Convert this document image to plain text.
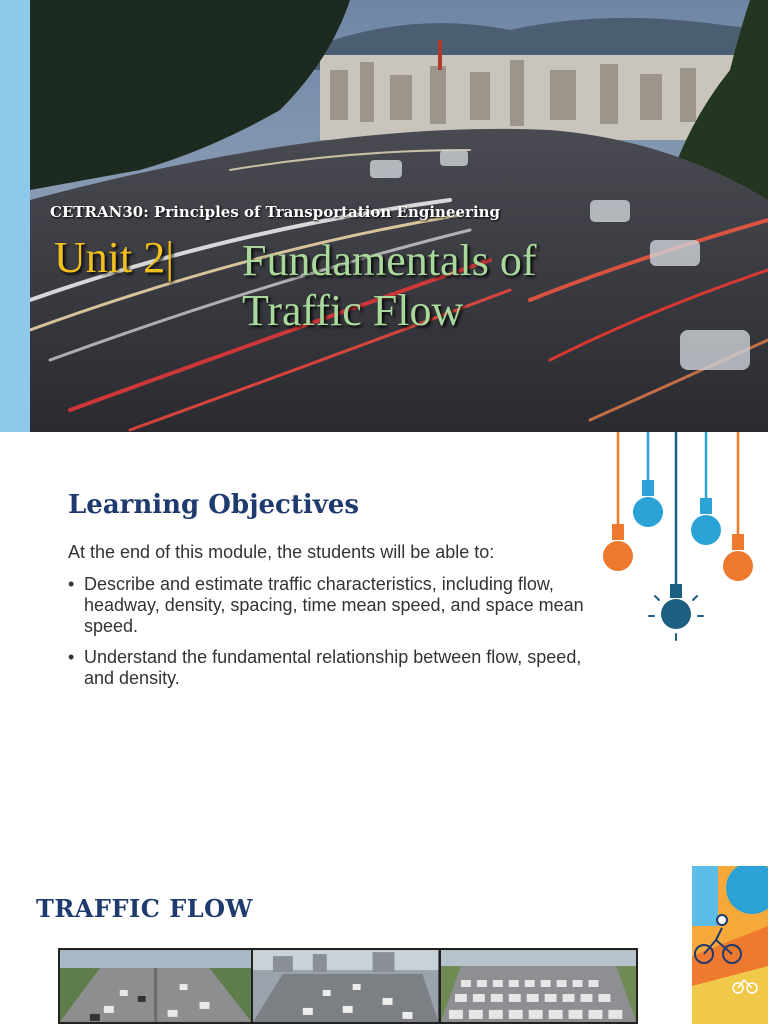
CETRAN30: Principles of Transportation Engineering
Unit 2| Fundamentals of
Traffic Flow
Learning Objectives

At the end of this module, the students will be able to:

• Describe and estimate traffic characteristics, including flow, headway, density, spacing, time mean speed, and space mean speed.
• Understand the fundamental relationship between flow, speed, and density.
TRAFFIC FLOW
